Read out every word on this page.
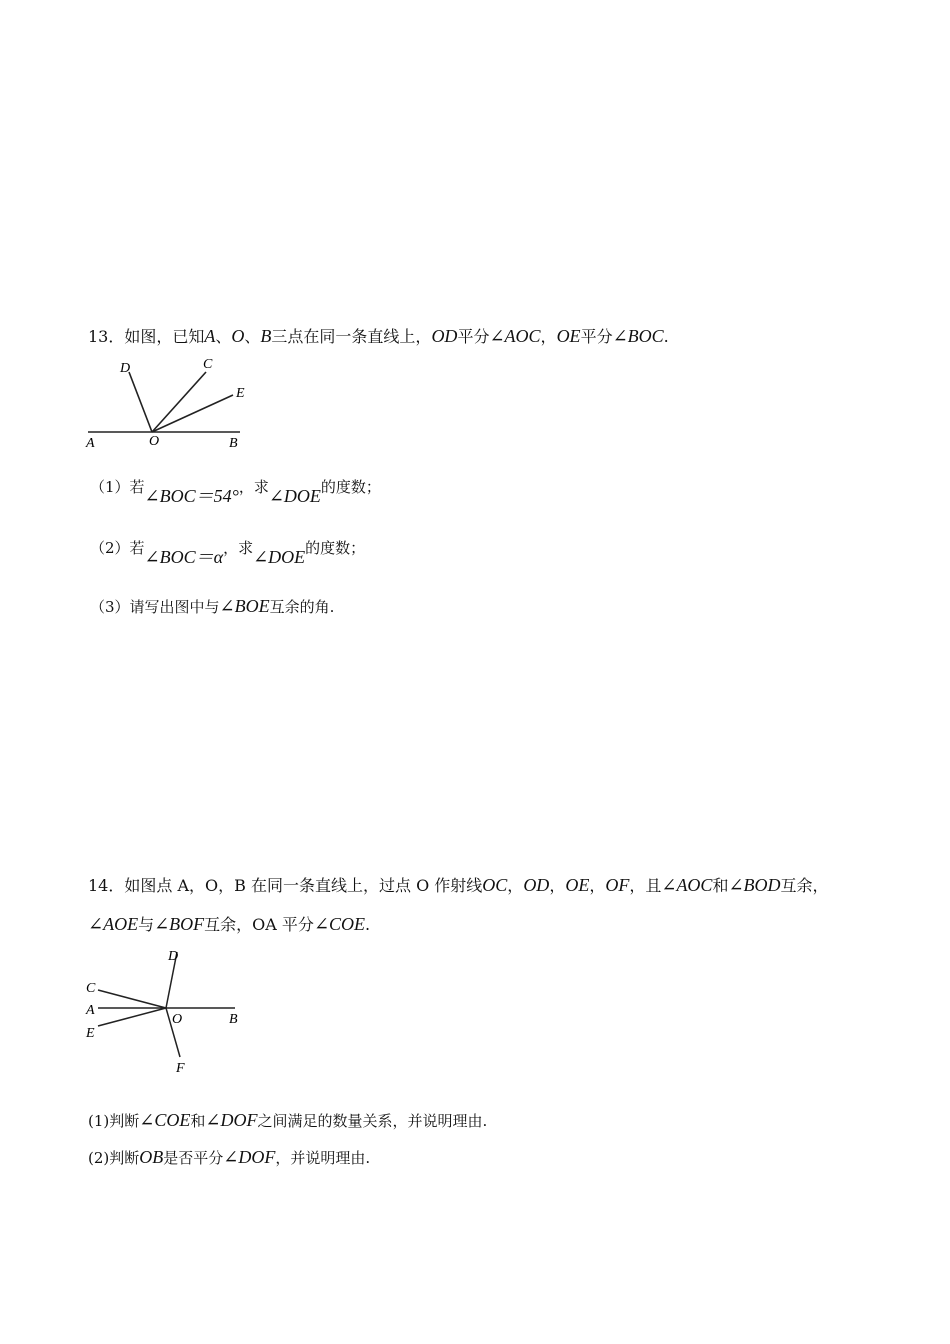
13．如图，已知A、O、B三点在同一条直线上，OD平分∠AOC，OE平分∠BOC.
D	C
E
A	O	B
（1）若∠BOC＝54°，求∠DOE的度数；
（2）若∠BOC＝α，求∠DOE的度数；
（3）请写出图中与∠BOE互余的角.
14．如图点 A，O，B 在同一条直线上，过点 O 作射线OC，OD，OE，OF，且∠AOC和∠BOD互余，
∠AOE与∠BOF互余，OA 平分∠COE.
D
C
A
E
O	B
F
(1)判断∠COE和∠DOF之间满足的数量关系，并说明理由.
(2)判断OB是否平分∠DOF，并说明理由.
